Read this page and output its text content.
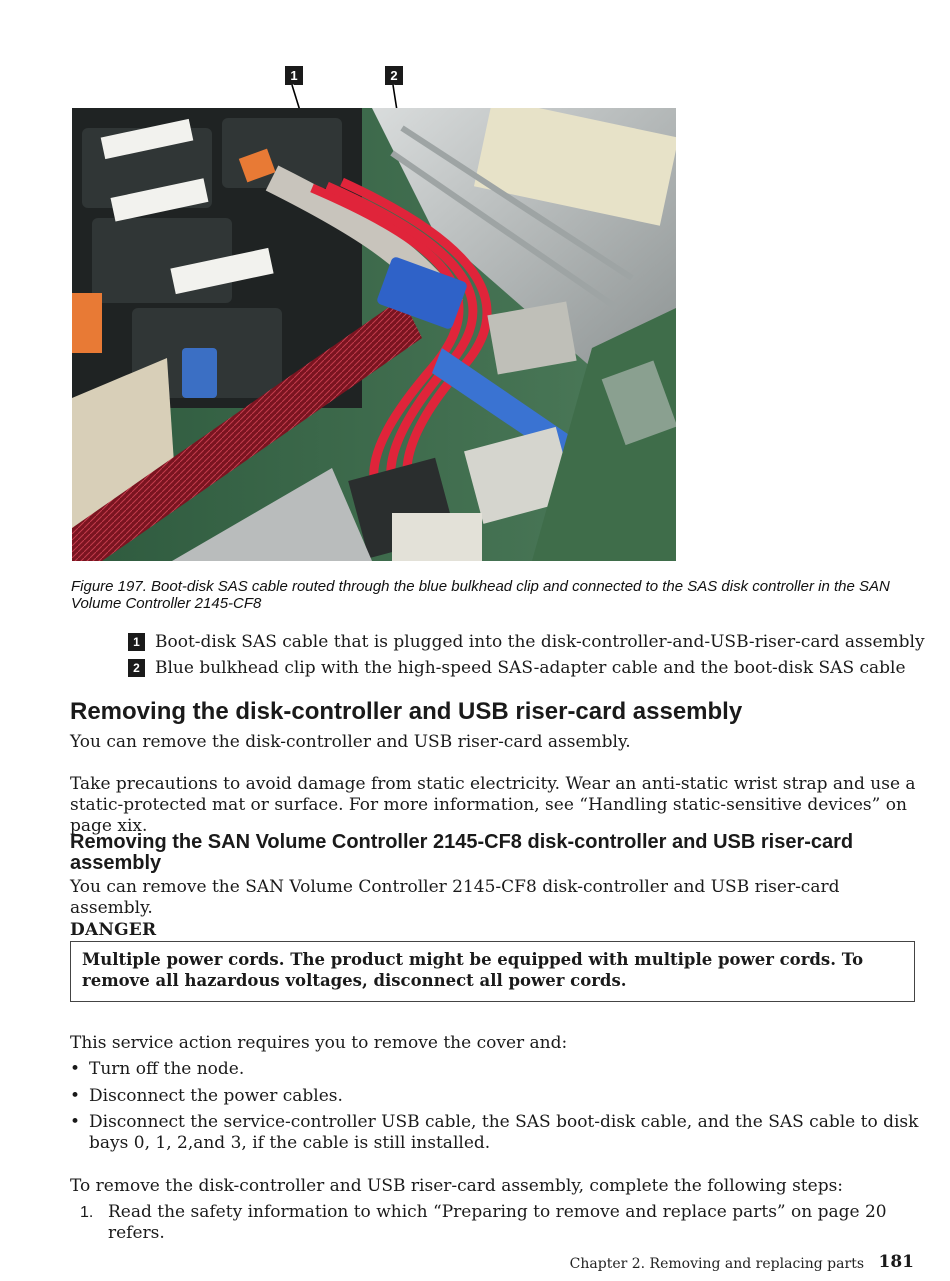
1	2
Figure 197. Boot-disk SAS cable routed through the blue bulkhead clip and connected to the SAS disk controller in the SAN Volume Controller 2145-CF8
1 Boot-disk SAS cable that is plugged into the disk-controller-and-USB-riser-card assembly
2 Blue bulkhead clip with the high-speed SAS-adapter cable and the boot-disk SAS cable
Removing the disk-controller and USB riser-card assembly
You can remove the disk-controller and USB riser-card assembly.
Take precautions to avoid damage from static electricity. Wear an anti-static wrist strap and use a static-protected mat or surface. For more information, see “Handling static-sensitive devices” on page xix.
Removing the SAN Volume Controller 2145-CF8 disk-controller and USB riser-card assembly
You can remove the SAN Volume Controller 2145-CF8 disk-controller and USB riser-card assembly.
DANGER
Multiple power cords. The product might be equipped with multiple power cords. To remove all hazardous voltages, disconnect all power cords.
This service action requires you to remove the cover and:
• Turn off the node.
• Disconnect the power cables.
• Disconnect the service-controller USB cable, the SAS boot-disk cable, and the SAS cable to disk bays 0, 1, 2,and 3, if the cable is still installed.
To remove the disk-controller and USB riser-card assembly, complete the following steps:
1. Read the safety information to which “Preparing to remove and replace parts” on page 20 refers.
Chapter 2. Removing and replacing parts 181
